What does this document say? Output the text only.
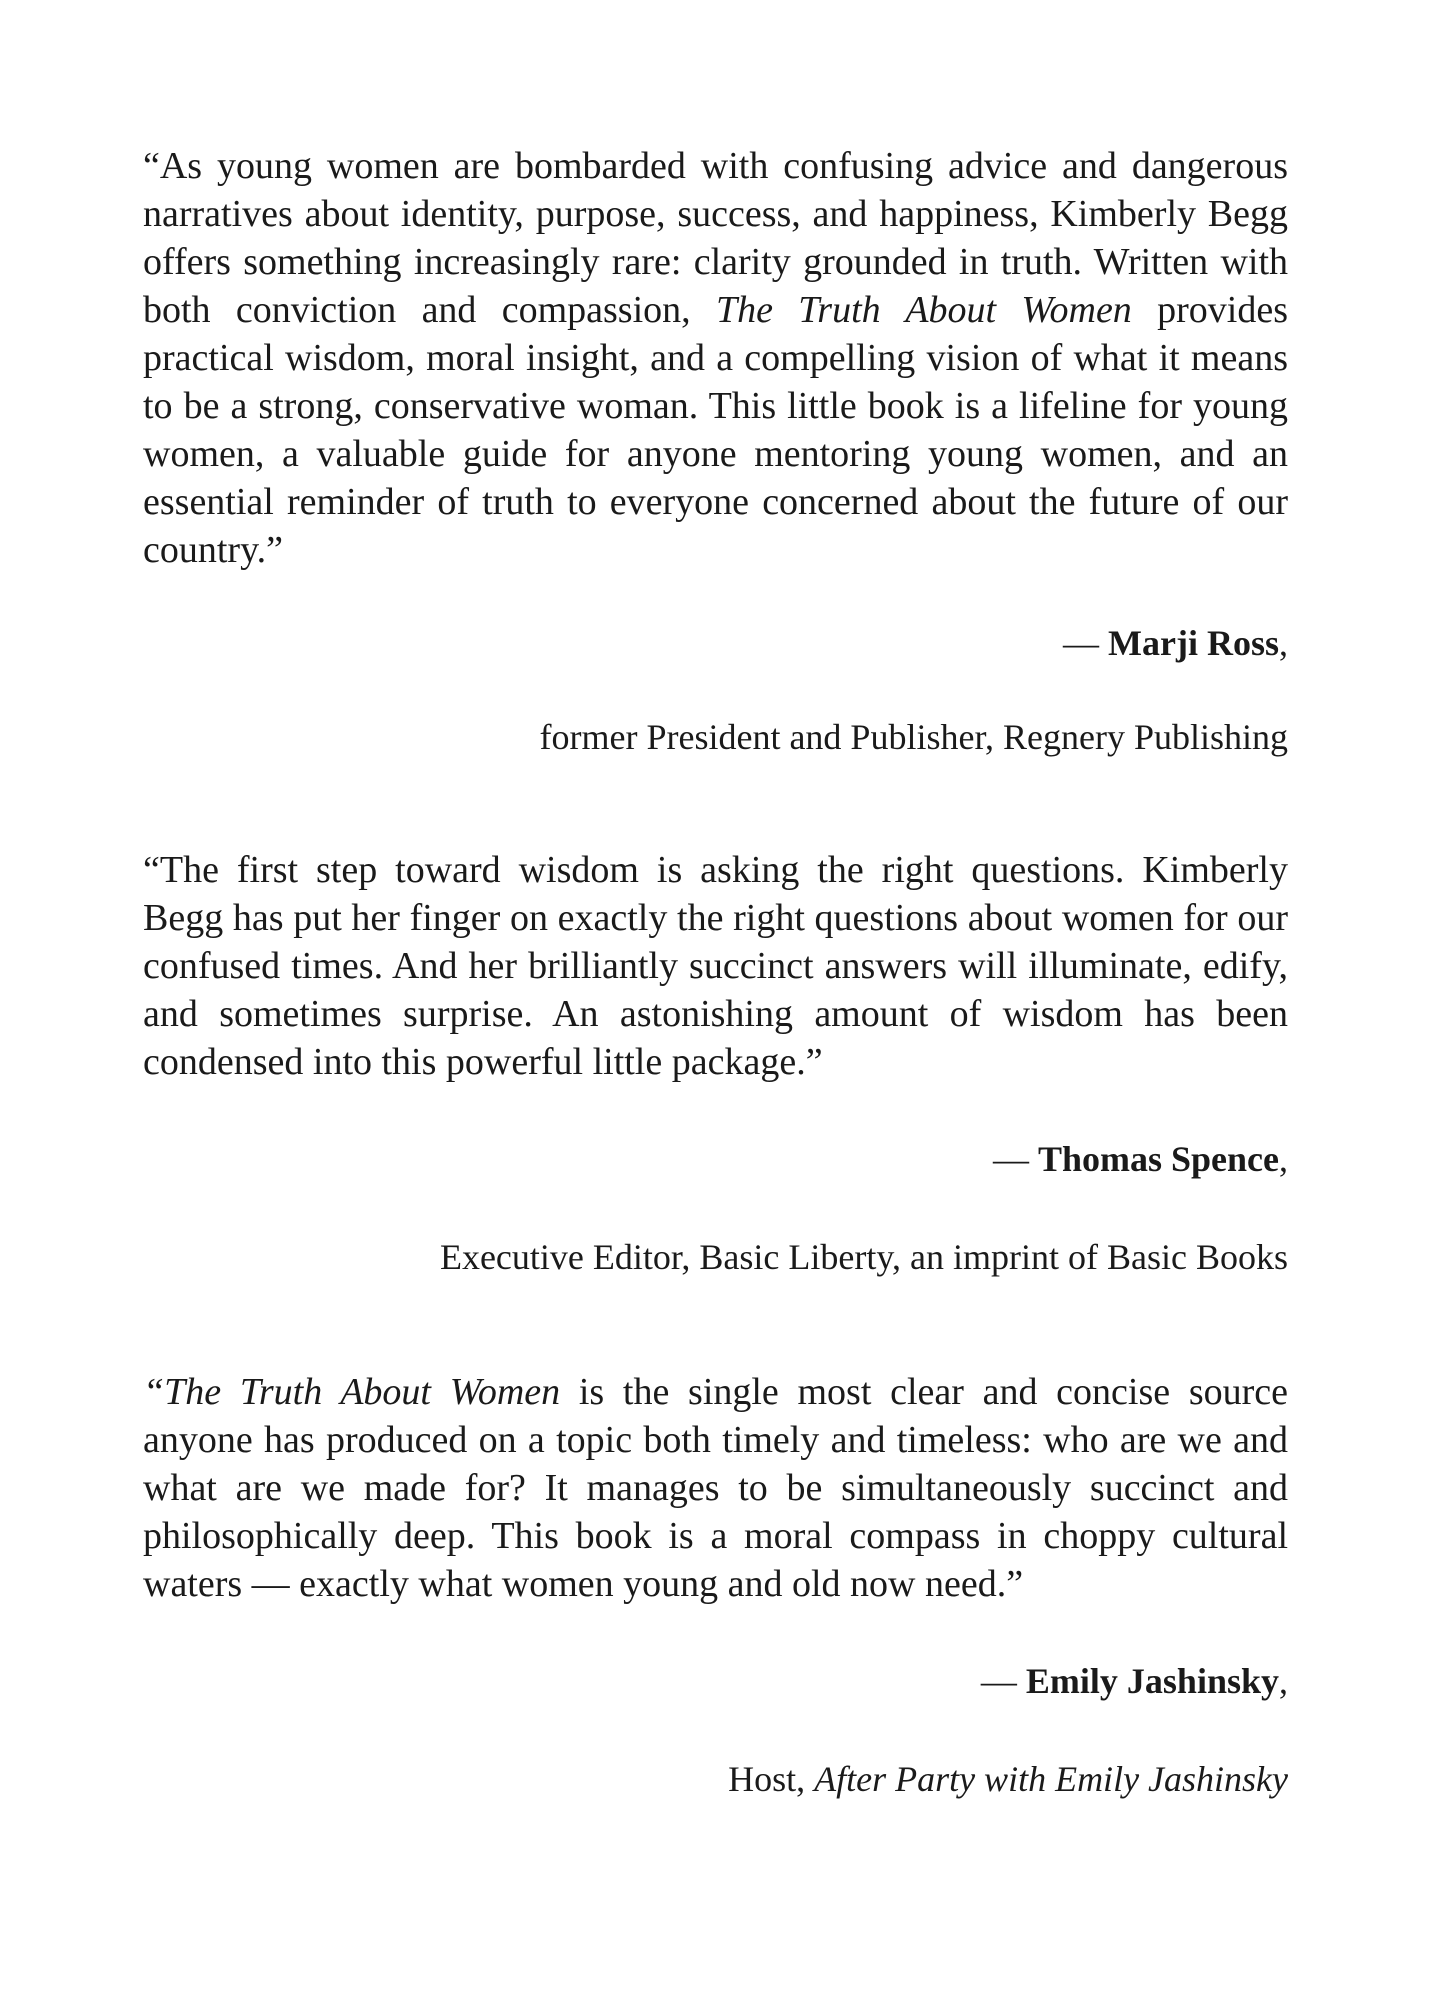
“As young women are bombarded with confusing advice and dangerous narratives about identity, purpose, success, and happiness, Kimberly Begg offers something increasingly rare: clarity grounded in truth. Written with both conviction and compassion, The Truth About Women provides practical wisdom, moral insight, and a compelling vision of what it means to be a strong, conservative woman. This little book is a lifeline for young women, a valuable guide for anyone mentoring young women, and an essential reminder of truth to everyone concerned about the future of our country.”

— Marji Ross,

former President and Publisher, Regnery Publishing

“The first step toward wisdom is asking the right questions. Kimberly Begg has put her finger on exactly the right questions about women for our confused times. And her brilliantly succinct answers will illuminate, edify, and sometimes surprise. An astonishing amount of wisdom has been condensed into this powerful little package.”

— Thomas Spence,

Executive Editor, Basic Liberty, an imprint of Basic Books

“The Truth About Women is the single most clear and concise source anyone has produced on a topic both timely and timeless: who are we and what are we made for? It manages to be simultaneously succinct and philosophically deep. This book is a moral compass in choppy cultural waters — exactly what women young and old now need.”

— Emily Jashinsky,

Host, After Party with Emily Jashinsky
